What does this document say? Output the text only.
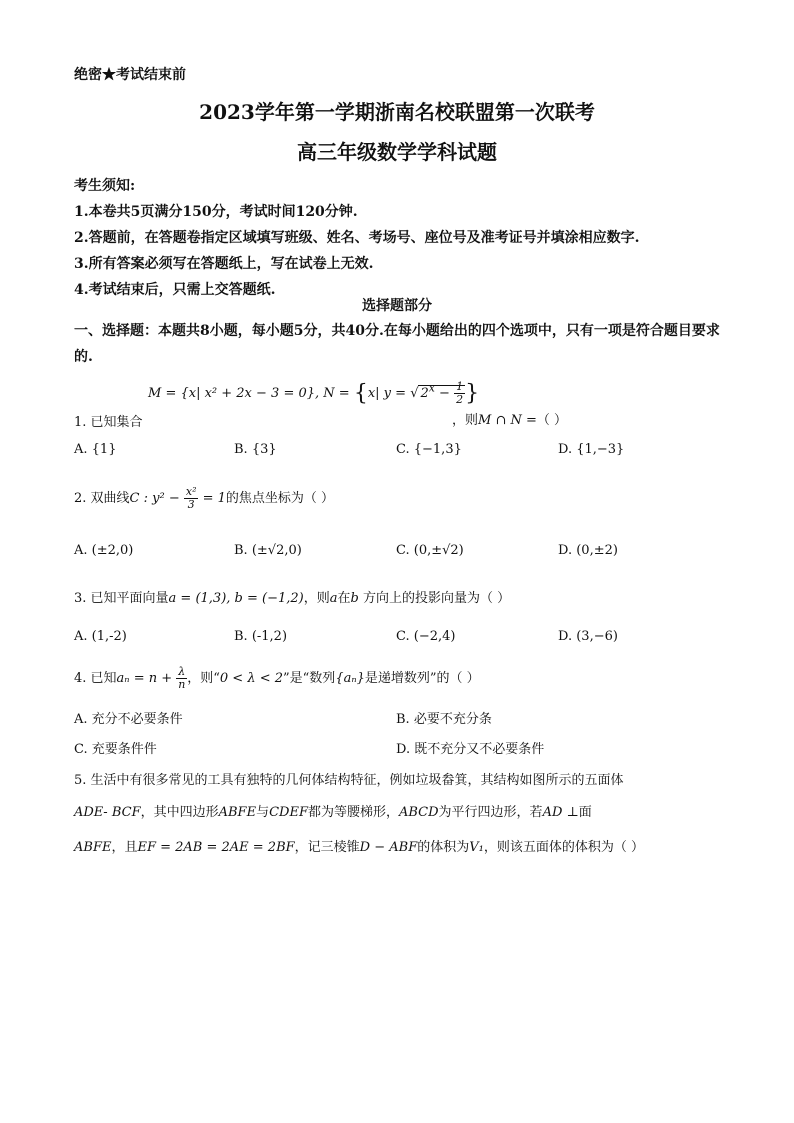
绝密★考试结束前
2023学年第一学期浙南名校联盟第一次联考
高三年级数学学科试题
考生须知:
1.本卷共5页满分150分，考试时间120分钟.
2.答题前，在答题卷指定区域填写班级、姓名、考场号、座位号及准考证号并填涂相应数字.
3.所有答案必须写在答题纸上，写在试卷上无效.
4.考试结束后，只需上交答题纸.
选择题部分
一、选择题：本题共8小题，每小题5分，共40分.在每小题给出的四个选项中，只有一项是符合题目要求的.
M = {x| x² + 2x − 3 = 0}, N = {x| y = √ $2^x - \frac{1}{2}$ }
1. 已知集合	，则M ∩ N =（ ）
A. {1}	B. {3}	C. {−1,3}	D. {1,−3}
2. 双曲线C : $y^2 - \frac{\text{x²}}{3} = 1$的焦点坐标为（ ）
A. (±2,0)	B. (±√2,0)	C. (0,±√2)	D. (0,±2)
3. 已知平面向量a = (1,3), b = (−1,2)，则a在b 方向上的投影向量为（ ）
A. (1,‑2)	B. (‑1,2)	C. (−2,4)	D. (3,−6)
4. 已知$a_n = n + \frac{\lambda}{n}$ ，则“0 < λ < 2”是“数列{aₙ}是递增数列”的（ ）
A. 充分不必要条件	B. 必要不充分条
C. 充要条件件	D. 既不充分又不必要条件
5. 生活中有很多常见的工具有独特的几何体结构特征，例如垃圾畚箕，其结构如图所示的五面体
ADE‑ BCF，其中四边形ABFE与CDEF都为等腰梯形，ABCD为平行四边形，若AD ⊥面
ABFE，且EF = 2AB = 2AE = 2BF，记三棱锥D − ABF的体积为V₁，则该五面体的体积为（ ）
